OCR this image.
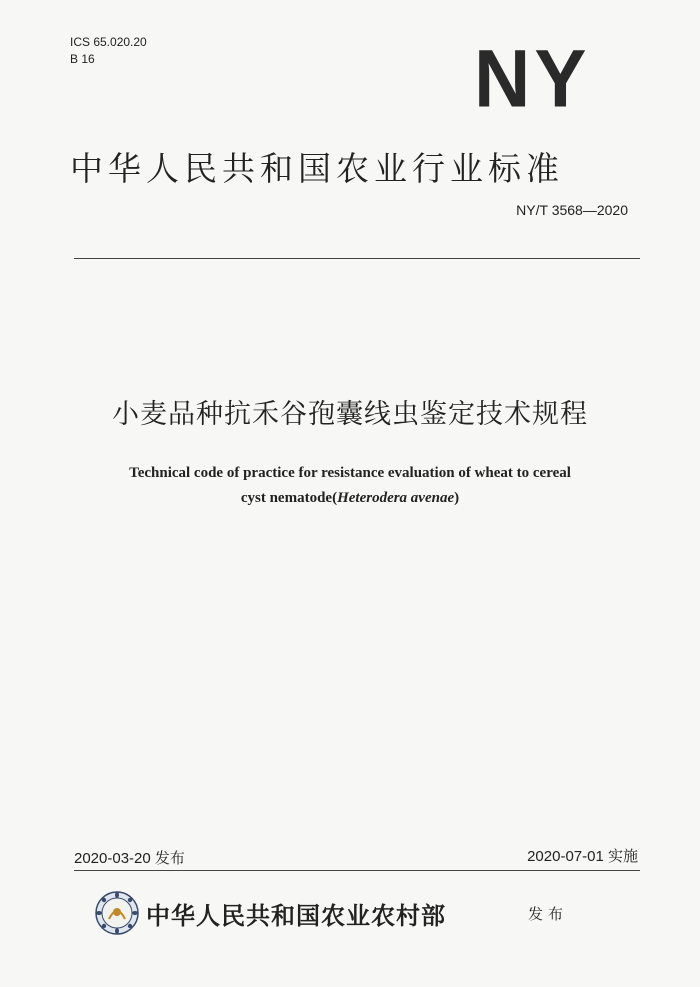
ICS 65.020.20
B 16	NY
中华人民共和国农业行业标准
NY/T 3568—2020
小麦品种抗禾谷孢囊线虫鉴定技术规程
Technical code of practice for resistance evaluation of wheat to cereal
cyst nematode(Heterodera avenae)
2020-03-20 发布	2020-07-01 实施
中华人民共和国农业农村部	发布
